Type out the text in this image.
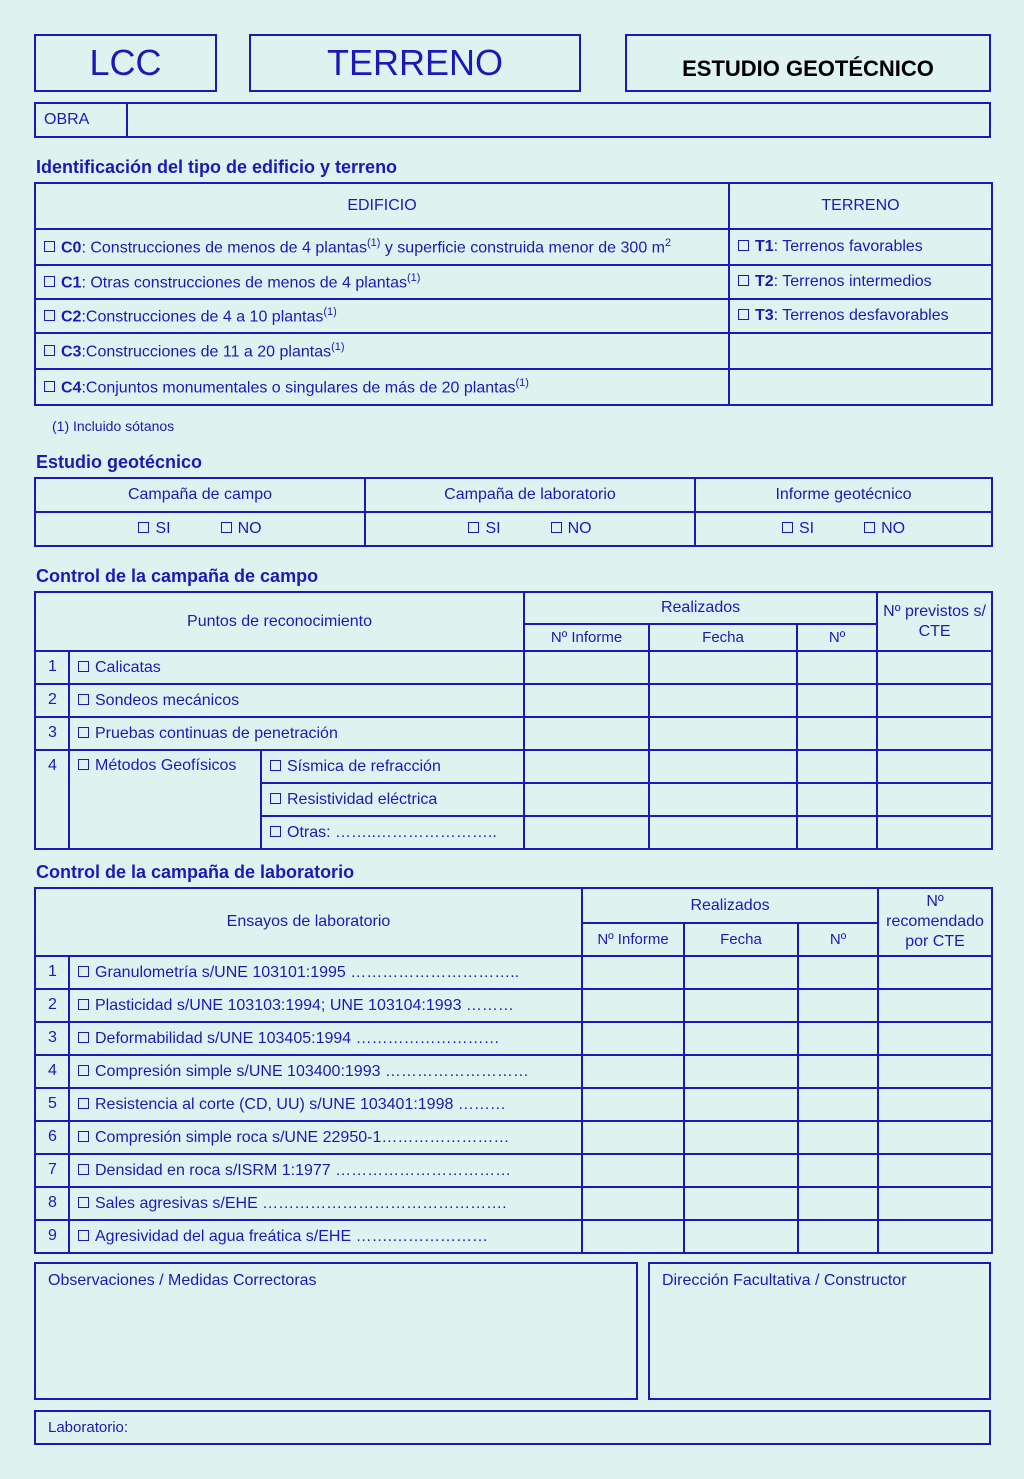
LCC	TERRENO	ESTUDIO GEOTÉCNICO
OBRA	
Identificación del tipo de edificio y terreno
EDIFICIO	TERRENO
C0: Construcciones de menos de 4 plantas$^{(1)}$ y superficie construida menor de 300 $m^2$	T1: Terrenos favorables
C1: Otras construcciones de menos de 4 plantas$^{(1)}$	T2: Terrenos intermedios
C2:Construcciones de 4 a 10 plantas$^{(1)}$	T3: Terrenos desfavorables
C3:Construcciones de 11 a 20 plantas$^{(1)}$	
C4:Conjuntos monumentales o singulares de más de 20 plantas$^{(1)}$	
(1) Incluido sótanos
Estudio geotécnico
Campaña de campo	Campaña de laboratorio	Informe geotécnico
SI NO	SI NO	SI NO
Control de la campaña de campo
Puntos de reconocimiento			Realizados			Nº previstos s/ CTE
			Nº Informe	Fecha	Nº	
1	Calicatas					
2	Sondeos mecánicos					
3	Pruebas continuas de penetración					
4	Métodos Geofísicos	Sísmica de refracción				
		Resistividad eléctrica				
		Otras: ……..…………………..				
Control de la campaña de laboratorio
Ensayos de laboratorio		Realizados			Nº recomendado por CTE
		Nº Informe	Fecha	Nº	
1	Granulometría s/UNE 103101:1995 …………………………..				
2	Plasticidad s/UNE 103103:1994; UNE 103104:1993 ………				
3	Deformabilidad s/UNE 103405:1994 ………………………				
4	Compresión simple s/UNE 103400:1993 ………………………				
5	Resistencia al corte (CD, UU) s/UNE 103401:1998 ………				
6	Compresión simple roca s/UNE 22950-1……………………				
7	Densidad en roca s/ISRM 1:1977 ……………………………				
8	Sales agresivas s/EHE ……………………………………….				
9	Agresividad del agua freática s/EHE …….………………				
Observaciones / Medidas Correctoras	Dirección Facultativa / Constructor
Laboratorio:
